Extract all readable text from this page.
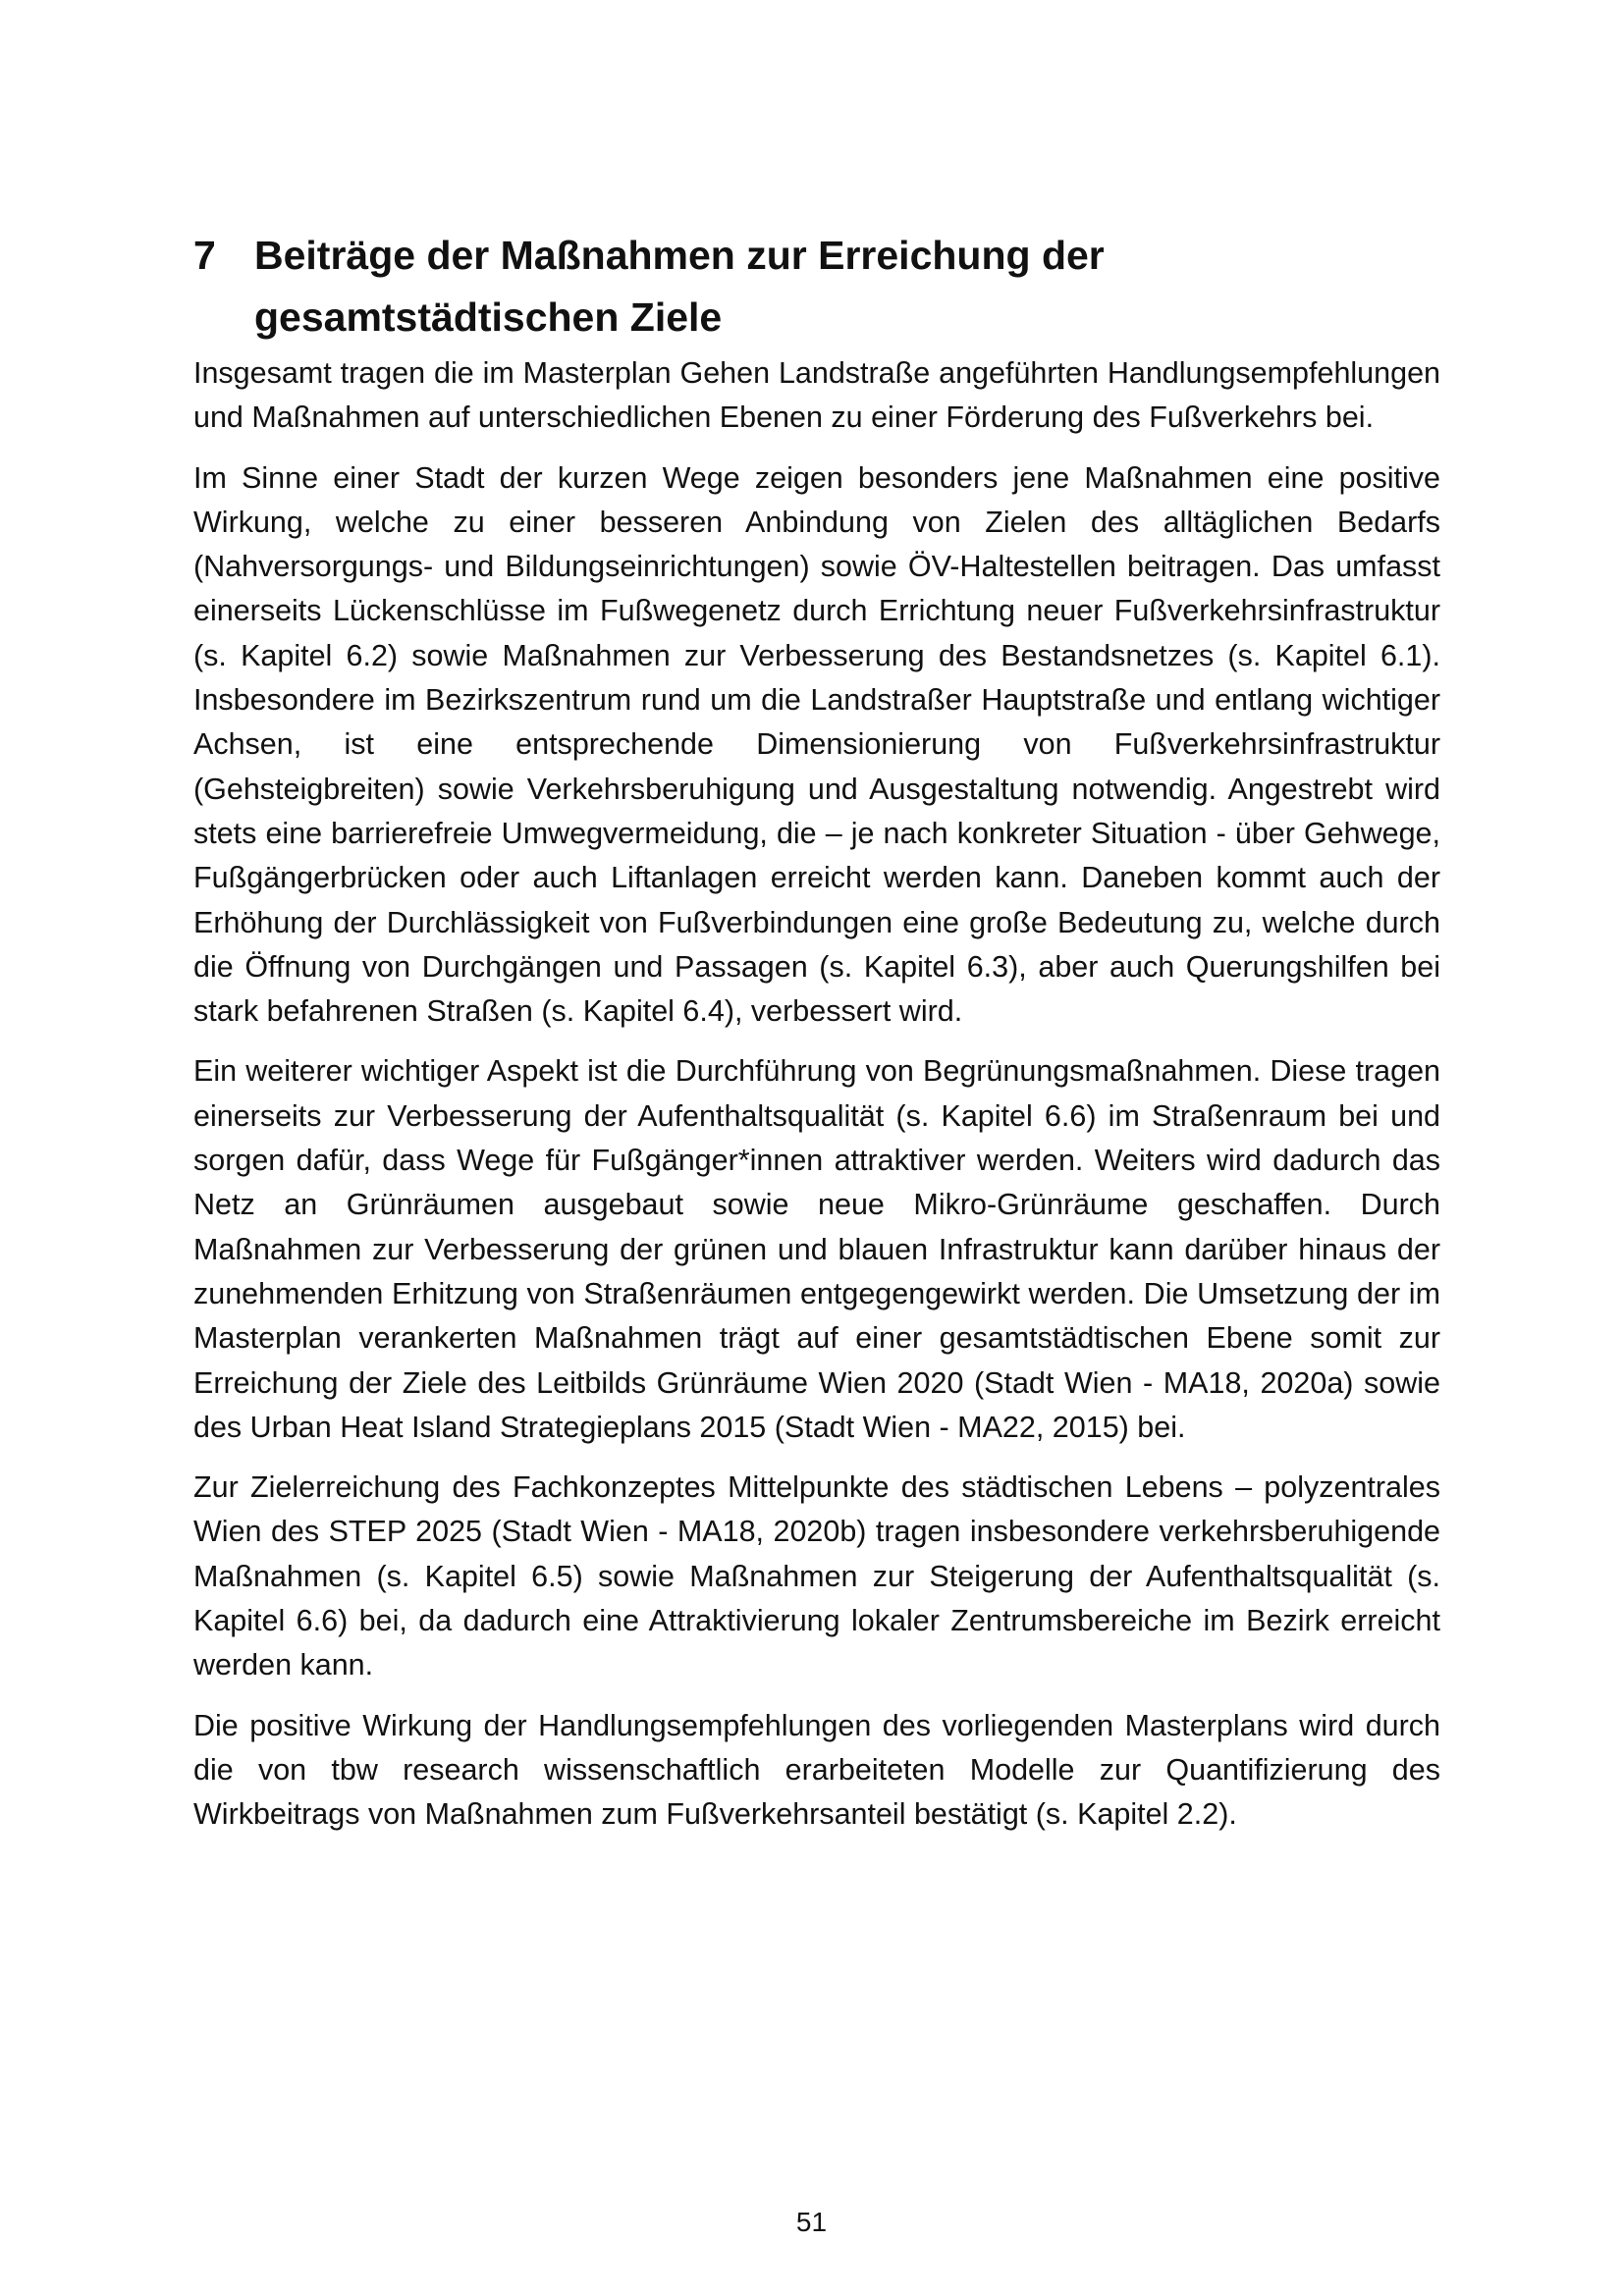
7 Beiträge der Maßnahmen zur Erreichung der gesamtstädtischen Ziele

Insgesamt tragen die im Masterplan Gehen Landstraße angeführten Handlungsempfehlungen und Maßnahmen auf unterschiedlichen Ebenen zu einer Förderung des Fußverkehrs bei.

Im Sinne einer Stadt der kurzen Wege zeigen besonders jene Maßnahmen eine positive Wirkung, welche zu einer besseren Anbindung von Zielen des alltäglichen Bedarfs (Nahversorgungs- und Bildungseinrichtungen) sowie ÖV-Haltestellen beitragen. Das umfasst einerseits Lückenschlüsse im Fußwegenetz durch Errichtung neuer Fußverkehrsinfrastruktur (s. Kapitel 6.2) sowie Maßnahmen zur Verbesserung des Bestandsnetzes (s. Kapitel 6.1). Insbesondere im Bezirkszentrum rund um die Landstraßer Hauptstraße und entlang wichtiger Achsen, ist eine entsprechende Dimensionierung von Fußverkehrsinfrastruktur (Gehsteigbreiten) sowie Verkehrsberuhigung und Ausgestaltung notwendig. Angestrebt wird stets eine barrierefreie Umwegvermeidung, die – je nach konkreter Situation - über Gehwege, Fußgängerbrücken oder auch Liftanlagen erreicht werden kann. Daneben kommt auch der Erhöhung der Durchlässigkeit von Fußverbindungen eine große Bedeutung zu, welche durch die Öffnung von Durchgängen und Passagen (s. Kapitel 6.3), aber auch Querungshilfen bei stark befahrenen Straßen (s. Kapitel 6.4), verbessert wird.

Ein weiterer wichtiger Aspekt ist die Durchführung von Begrünungsmaßnahmen. Diese tragen einerseits zur Verbesserung der Aufenthaltsqualität (s. Kapitel 6.6) im Straßenraum bei und sorgen dafür, dass Wege für Fußgänger*innen attraktiver werden. Weiters wird dadurch das Netz an Grünräumen ausgebaut sowie neue Mikro-Grünräume geschaffen. Durch Maßnahmen zur Verbesserung der grünen und blauen Infrastruktur kann darüber hinaus der zunehmenden Erhitzung von Straßenräumen entgegengewirkt werden. Die Umsetzung der im Masterplan verankerten Maßnahmen trägt auf einer gesamtstädtischen Ebene somit zur Erreichung der Ziele des Leitbilds Grünräume Wien 2020 (Stadt Wien - MA18, 2020a) sowie des Urban Heat Island Strategieplans 2015 (Stadt Wien - MA22, 2015) bei.

Zur Zielerreichung des Fachkonzeptes Mittelpunkte des städtischen Lebens – polyzentrales Wien des STEP 2025 (Stadt Wien - MA18, 2020b) tragen insbesondere verkehrsberuhigende Maßnahmen (s. Kapitel 6.5) sowie Maßnahmen zur Steigerung der Aufenthaltsqualität (s. Kapitel 6.6) bei, da dadurch eine Attraktivierung lokaler Zentrumsbereiche im Bezirk erreicht werden kann.

Die positive Wirkung der Handlungsempfehlungen des vorliegenden Masterplans wird durch die von tbw research wissenschaftlich erarbeiteten Modelle zur Quantifizierung des Wirkbeitrags von Maßnahmen zum Fußverkehrsanteil bestätigt (s. Kapitel 2.2).

51
